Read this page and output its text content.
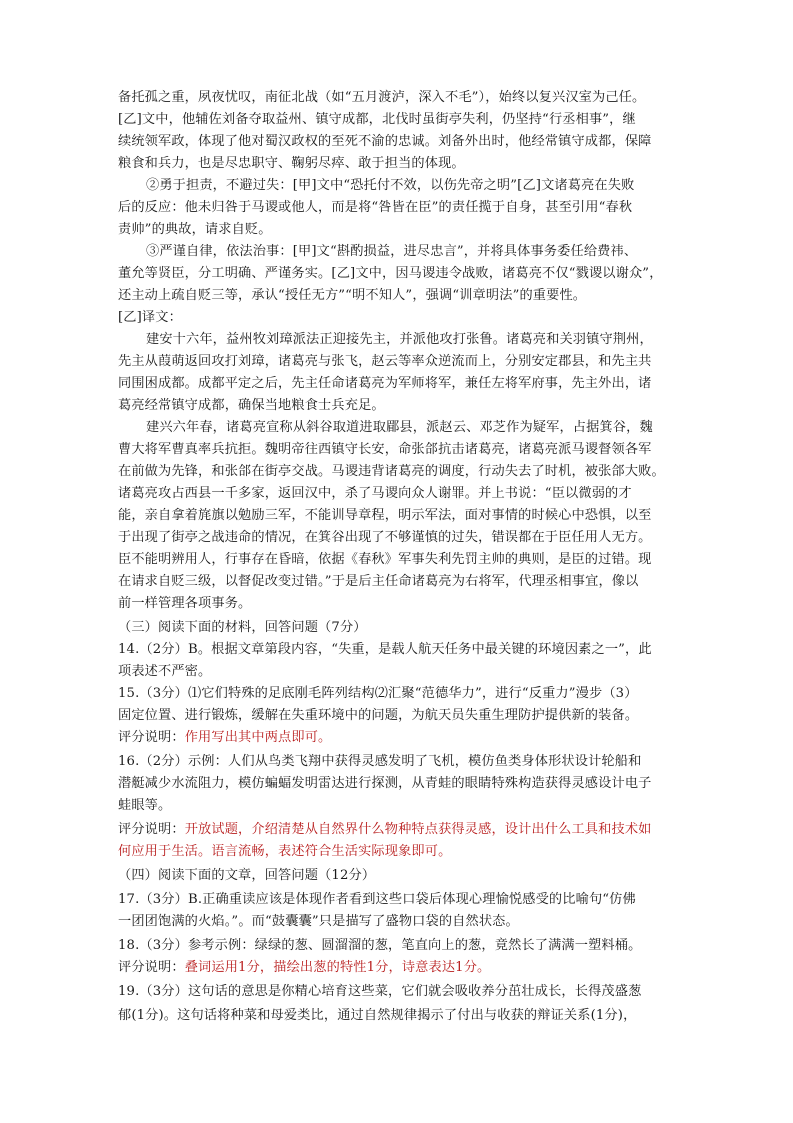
备托孤之重，夙夜忧叹，南征北战（如“五月渡泸，深入不毛”），始终以复兴汉室为己任。
[乙]文中，他辅佐刘备夺取益州、镇守成都，北伐时虽街亭失利，仍坚持“行丞相事”，继
续统领军政，体现了他对蜀汉政权的至死不渝的忠诚。刘备外出时，他经常镇守成都，保障
粮食和兵力，也是尽忠职守、鞠躬尽瘁、敢于担当的体现。
②勇于担责，不避过失：[甲]文中“恐托付不效，以伤先帝之明”[乙]文诸葛亮在失败
后的反应：他未归咎于马谡或他人，而是将“咎皆在臣”的责任揽于自身，甚至引用“春秋
责帅”的典故，请求自贬。
③严谨自律，依法治事：[甲]文“斟酌损益，进尽忠言”，并将具体事务委任给费祎、
董允等贤臣，分工明确、严谨务实。[乙]文中，因马谡违令战败，诸葛亮不仅“戮谡以谢众”，
还主动上疏自贬三等，承认“授任无方”“明不知人”，强调“训章明法”的重要性。
[乙]译文：
建安十六年，益州牧刘璋派法正迎接先主，并派他攻打张鲁。诸葛亮和关羽镇守荆州，
先主从葭萌返回攻打刘璋，诸葛亮与张飞，赵云等率众逆流而上，分别安定郡县，和先主共
同围困成都。成都平定之后，先主任命诸葛亮为军师将军，兼任左将军府事，先主外出，诸
葛亮经常镇守成都，确保当地粮食士兵充足。
建兴六年春，诸葛亮宣称从斜谷取道进取郿县，派赵云、邓芝作为疑军，占据箕谷，魏
曹大将军曹真率兵抗拒。魏明帝往西镇守长安，命张郃抗击诸葛亮，诸葛亮派马谡督领各军
在前做为先锋，和张郃在街亭交战。马谡违背诸葛亮的调度，行动失去了时机，被张郃大败。
诸葛亮攻占西县一千多家，返回汉中，杀了马谡向众人谢罪。并上书说：“臣以微弱的才
能，亲自拿着旄旗以勉励三军，不能训导章程，明示军法，面对事情的时候心中恐惧，以至
于出现了街亭之战违命的情况，在箕谷出现了不够谨慎的过失，错误都在于臣任用人无方。
臣不能明辨用人，行事存在昏暗，依据《春秋》军事失利先罚主帅的典则，是臣的过错。现
在请求自贬三级，以督促改变过错。”于是后主任命诸葛亮为右将军，代理丞相事宜，像以
前一样管理各项事务。
（三）阅读下面的材料，回答问题（7分）
14.（2分）B。根据文章第段内容，“失重，是载人航天任务中最关键的环境因素之一”，此
项表述不严密。
15.（3分）⑴它们特殊的足底刚毛阵列结构⑵汇聚“范德华力”，进行“反重力”漫步（3）
固定位置、进行锻炼，缓解在失重环境中的问题，为航天员失重生理防护提供新的装备。
评分说明：作用写出其中两点即可。
16.（2分）示例：人们从鸟类飞翔中获得灵感发明了飞机，模仿鱼类身体形状设计轮船和
潜艇减少水流阻力，模仿蝙蝠发明雷达进行探测，从青蛙的眼睛特殊构造获得灵感设计电子
蛙眼等。
评分说明：开放试题，介绍清楚从自然界什么物种特点获得灵感，设计出什么工具和技术如
何应用于生活。语言流畅，表述符合生活实际现象即可。
（四）阅读下面的文章，回答问题（12分）
17.（3分）B.正确重读应该是体现作者看到这些口袋后体现心理愉悦感受的比喻句“仿佛
一团团饱满的火焰。”。而“鼓囊囊”只是描写了盛物口袋的自然状态。
18.（3分）参考示例：绿绿的葱、圆溜溜的葱，笔直向上的葱，竟然长了满满一塑料桶。
评分说明：叠词运用1分，描绘出葱的特性1分，诗意表达1分。
19.（3分）这句话的意思是你精心培育这些菜，它们就会吸收养分茁壮成长，长得茂盛葱
郁(1分)。这句话将种菜和母爱类比，通过自然规律揭示了付出与收获的辩证关系(1分)，
